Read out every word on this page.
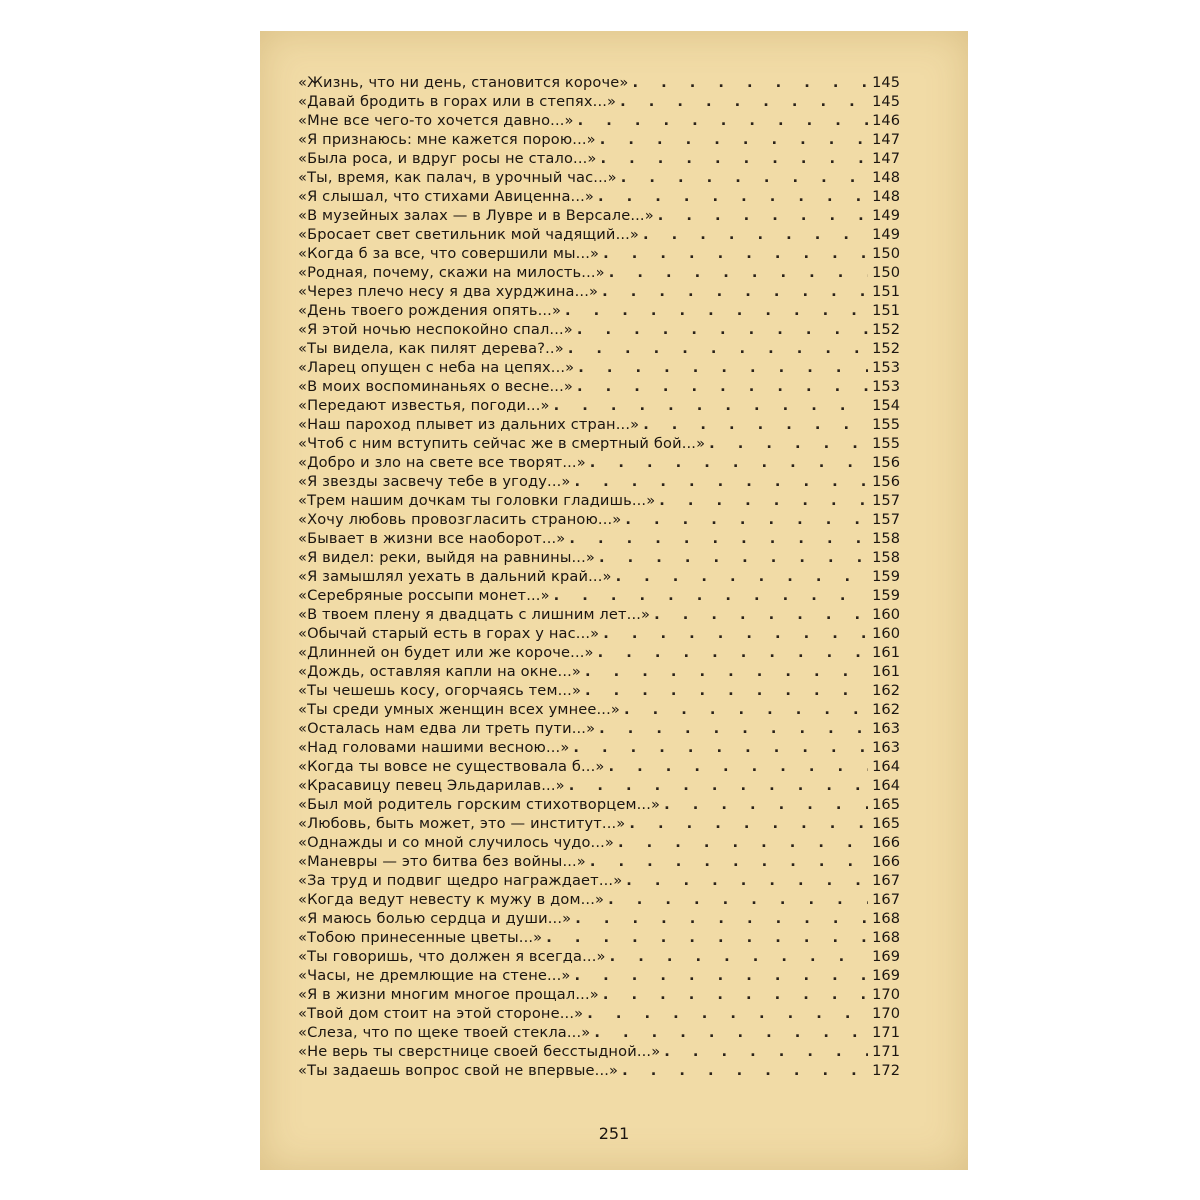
«Жизнь, что ни день, становится короче» . . .	145
«Давай бродить в горах или в степях...» . . .	145
«Мне все чего-то хочется давно...» . . .	146
«Я признаюсь: мне кажется порою...» . . .	147
«Была роса, и вдруг росы не стало...» . . .	147
«Ты, время, как палач, в урочный час...» . . .	148
«Я слышал, что стихами Авиценна...» . . .	148
«В музейных залах — в Лувре и в Версале...» . . .	149
«Бросает свет светильник мой чадящий...» . . .	149
«Когда б за все, что совершили мы...» . . .	150
«Родная, почему, скажи на милость...» . . .	150
«Через плечо несу я два хурджина...» . . .	151
«День твоего рождения опять...» . . .	151
«Я этой ночью неспокойно спал...» . . .	152
«Ты видела, как пилят дерева?..» . . .	152
«Ларец опущен с неба на цепях...» . . .	153
«В моих воспоминаньях о весне...» . . .	153
«Передают известья, погоди...» . . .	154
«Наш пароход плывет из дальних стран...» . . .	155
«Чтоб с ним вступить сейчас же в смертный бой...» . . .	155
«Добро и зло на свете все творят...» . . .	156
«Я звезды засвечу тебе в угоду...» . . .	156
«Трем нашим дочкам ты головки гладишь...» . . .	157
«Хочу любовь провозгласить страною...» . . .	157
«Бывает в жизни все наоборот...» . . .	158
«Я видел: реки, выйдя на равнины...» . . .	158
«Я замышлял уехать в дальний край...» . . .	159
«Серебряные россыпи монет...» . . .	159
«В твоем плену я двадцать с лишним лет...» . . .	160
«Обычай старый есть в горах у нас...» . . .	160
«Длинней он будет или же короче...» . . .	161
«Дождь, оставляя капли на окне...» . . .	161
«Ты чешешь косу, огорчаясь тем...» . . .	162
«Ты среди умных женщин всех умнее...» . . .	162
«Осталась нам едва ли треть пути...» . . .	163
«Над головами нашими весною...» . . .	163
«Когда ты вовсе не существовала б...» . . .	164
«Красавицу певец Эльдарилав...» . . .	164
«Был мой родитель горским стихотворцем...» . . .	165
«Любовь, быть может, это — институт...» . . .	165
«Однажды и со мной случилось чудо...» . . .	166
«Маневры — это битва без войны...» . . .	166
«За труд и подвиг щедро награждает...» . . .	167
«Когда ведут невесту к мужу в дом...» . . .	167
«Я маюсь болью сердца и души...» . . .	168
«Тобою принесенные цветы...» . . .	168
«Ты говоришь, что должен я всегда...» . . .	169
«Часы, не дремлющие на стене...» . . .	169
«Я в жизни многим многое прощал...» . . .	170
«Твой дом стоит на этой стороне...» . . .	170
«Слеза, что по щеке твоей стекла...» . . .	171
«Не верь ты сверстнице своей бесстыдной...» . . .	171
«Ты задаешь вопрос свой не впервые...» . . .	172
251
